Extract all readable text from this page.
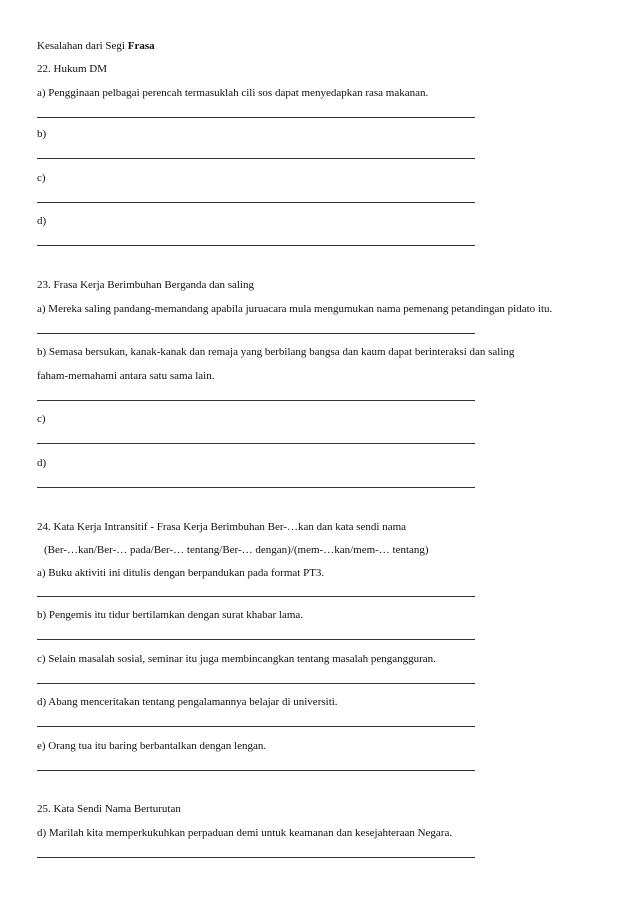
Kesalahan dari Segi Frasa
22. Hukum DM
a) Pengginaan pelbagai perencah termasuklah cili sos dapat menyedapkan rasa makanan.
b)
c)
d)
23. Frasa Kerja Berimbuhan Berganda dan saling
a) Mereka saling pandang-memandang apabila juruacara mula mengumukan nama pemenang petandingan pidato itu.
b) Semasa bersukan, kanak-kanak dan remaja yang berbilang bangsa dan kaum dapat berinteraksi dan saling
faham-memahami antara satu sama lain.
c)
d)
24. Kata Kerja Intransitif - Frasa Kerja Berimbuhan Ber-…kan dan kata sendi nama
(Ber-…kan/Ber-… pada/Ber-… tentang/Ber-… dengan)/(mem-…kan/mem-… tentang)
a) Buku aktiviti ini ditulis dengan berpandukan pada format PT3.
b) Pengemis itu tidur bertilamkan dengan surat khabar lama.
c) Selain masalah sosial, seminar itu juga membincangkan tentang masalah pengangguran.
d) Abang menceritakan tentang pengalamannya belajar di universiti.
e) Orang tua itu baring berbantalkan dengan lengan.
25. Kata Sendi Nama Berturutan
d) Marilah kita memperkukuhkan perpaduan demi untuk keamanan dan kesejahteraan Negara.
